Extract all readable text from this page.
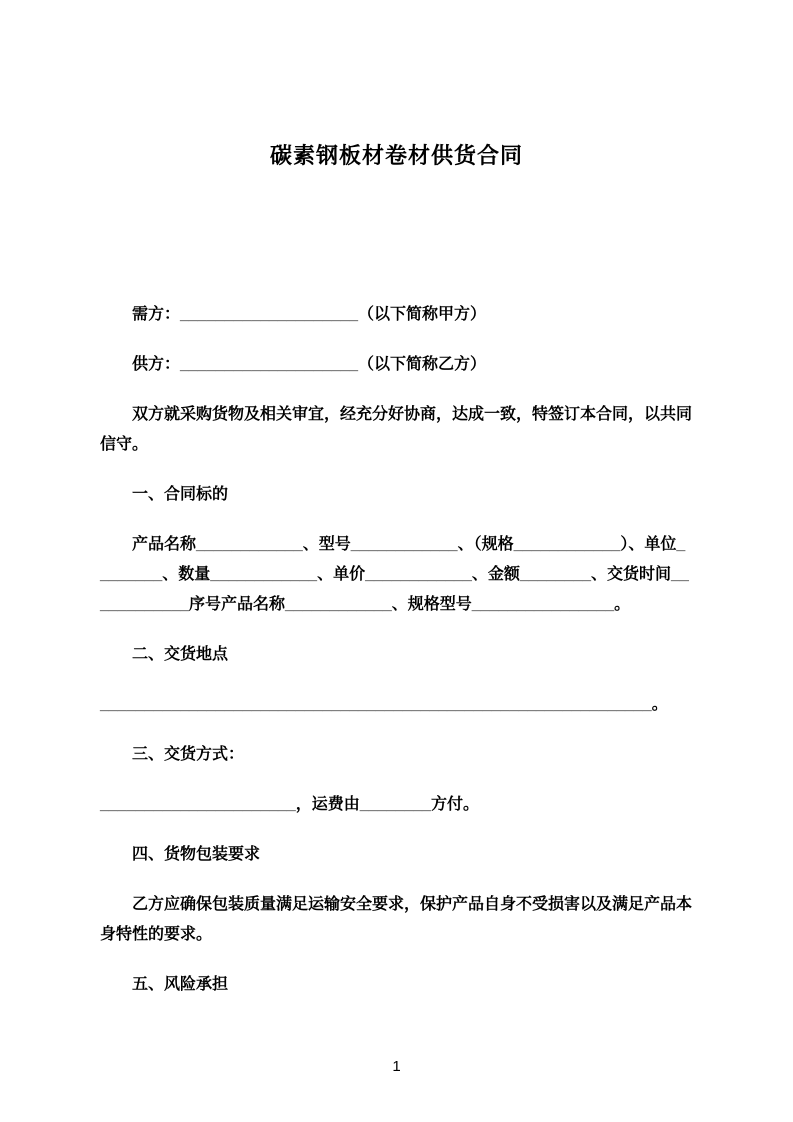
碳素钢板材卷材供货合同

需方：____________________（以下简称甲方）

供方：____________________（以下简称乙方）

双方就采购货物及相关审宜，经充分好协商，达成一致，特签订本合同，以共同信守。

一、合同标的

产品名称____________、型号____________、（规格____________）、单位________、数量____________、单价____________、金额________、交货时间____________序号产品名称____________、规格型号________________。

二、交货地点

______________________________________________________________。

三、交货方式：

______________________，运费由________方付。

四、货物包装要求

乙方应确保包装质量满足运输安全要求，保护产品自身不受损害以及满足产品本身特性的要求。

五、风险承担

1
